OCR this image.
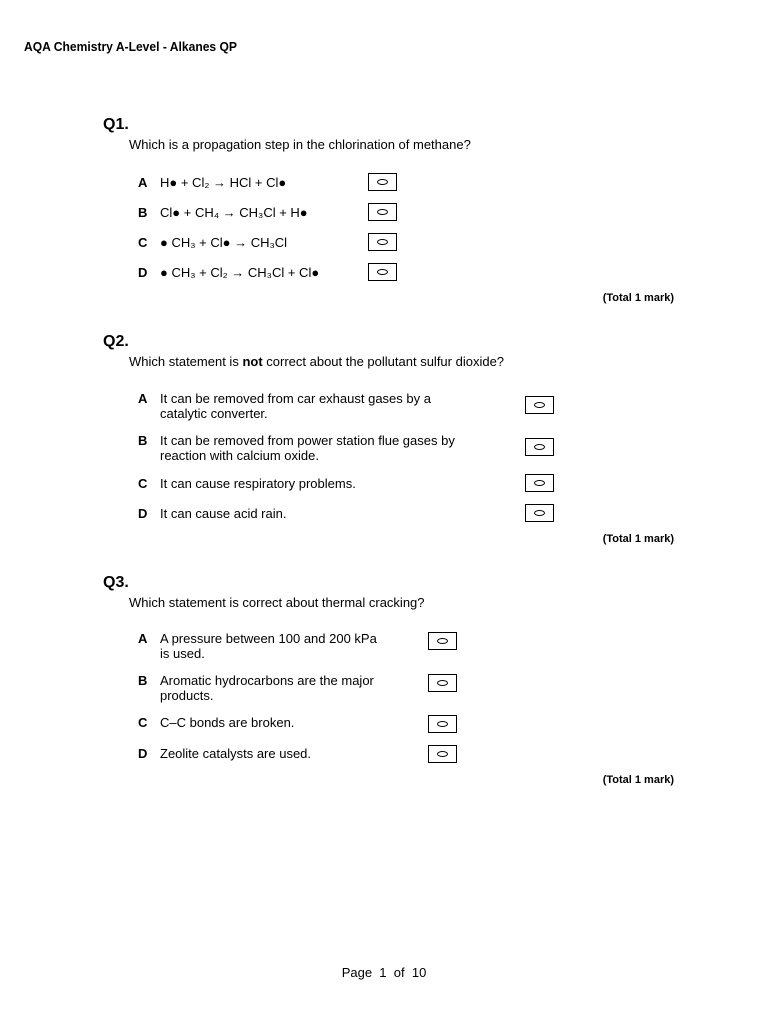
AQA Chemistry A-Level - Alkanes QP
Q1.
Which is a propagation step in the chlorination of methane?
A H● + Cl₂ → HCl + Cl●
B Cl● + CH₄ → CH₃Cl + H●
C ● CH₃ + Cl● → CH₃Cl
D ● CH₃ + Cl₂ → CH₃Cl + Cl●
(Total 1 mark)
Q2.
Which statement is not correct about the pollutant sulfur dioxide?
A It can be removed from car exhaust gases by a
catalytic converter.
B It can be removed from power station flue gases by
reaction with calcium oxide.
C It can cause respiratory problems.
D It can cause acid rain.
(Total 1 mark)
Q3.
Which statement is correct about thermal cracking?
A A pressure between 100 and 200 kPa
is used.
B Aromatic hydrocarbons are the major
products.
C C–C bonds are broken.
D Zeolite catalysts are used.
(Total 1 mark)
Page 1 of 10
